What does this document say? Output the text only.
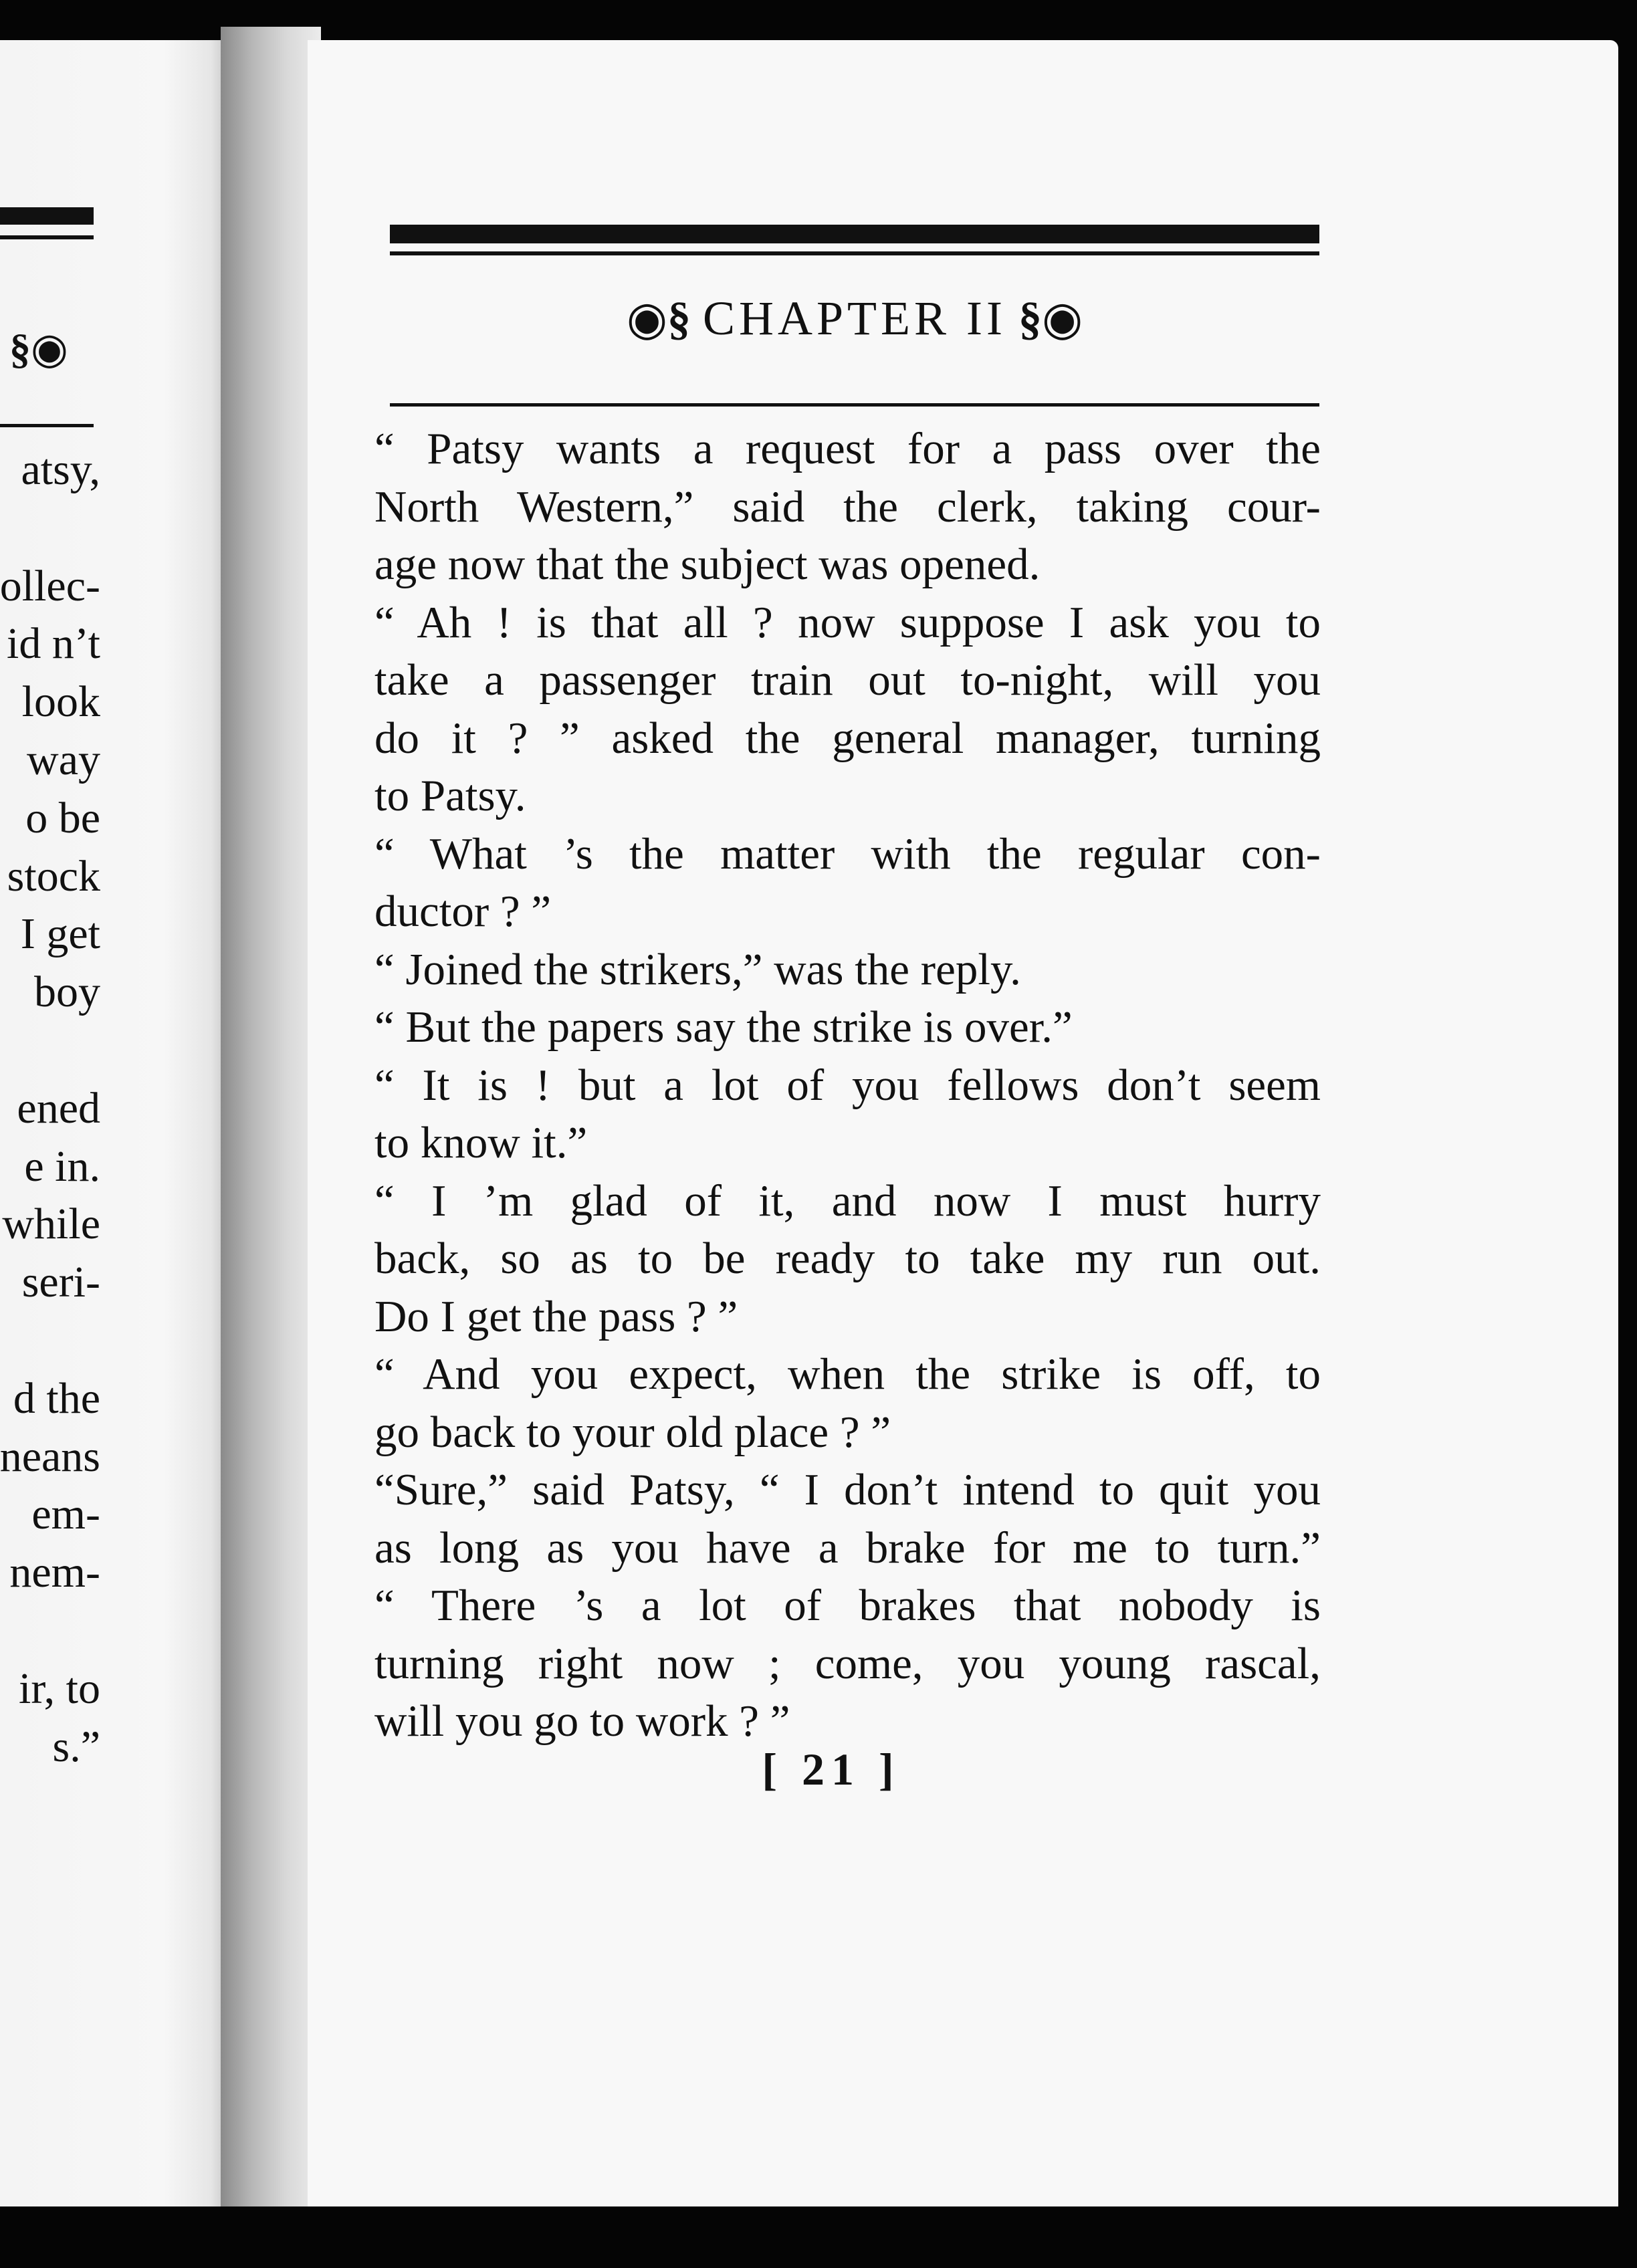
§◉
atsy,

ollec-
id n’t
look
way
o be
stock
I get
boy

ened
e in.
while
seri-

d the
neans
em-
nem-

ir, to
s.”
◉§ CHAPTER II §◉
“ Patsy wants a request for a pass over the
North Western,” said the clerk, taking cour-
age now that the subject was opened.
“ Ah ! is that all ? now suppose I ask you to
take a passenger train out to-night, will you
do it ? ” asked the general manager, turning
to Patsy.
“ What ’s the matter with the regular con-
ductor ? ”
“ Joined the strikers,” was the reply.
“ But the papers say the strike is over.”
“ It is ! but a lot of you fellows don’t seem
to know it.”
“ I ’m glad of it, and now I must hurry
back, so as to be ready to take my run out.
Do I get the pass ? ”
“ And you expect, when the strike is off, to
go back to your old place ? ”
“Sure,” said Patsy, “ I don’t intend to quit you
as long as you have a brake for me to turn.”
“ There ’s a lot of brakes that nobody is
turning right now ; come, you young rascal,
will you go to work ? ”
[ 21 ]
